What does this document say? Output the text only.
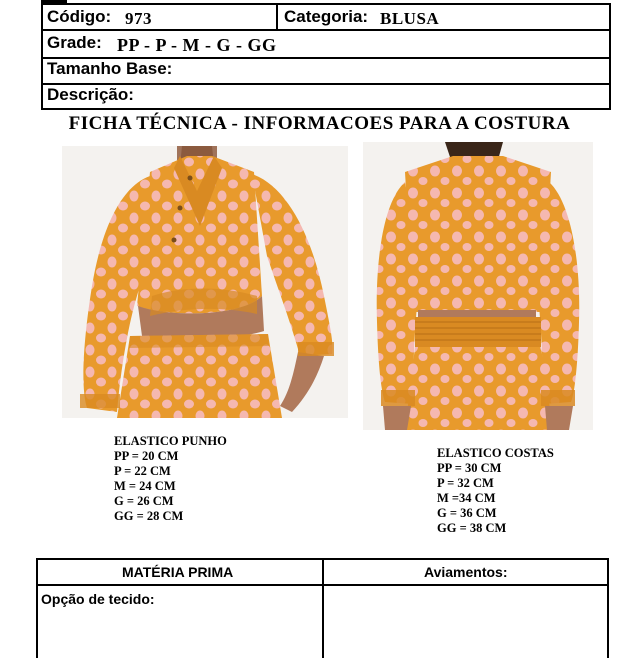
Código: 973	Categoria: BLUSA
Grade: PP - P - M - G - GG
Tamanho Base:
Descrição:
FICHA TÉCNICA - INFORMACOES PARA A COSTURA
ELASTICO PUNHO
PP = 20 CM
P = 22 CM
M = 24 CM
G = 26 CM
GG = 28 CM
ELASTICO COSTAS
PP = 30 CM
P = 32 CM
M =34 CM
G = 36 CM
GG = 38 CM
MATÉRIA PRIMA	Aviamentos:
Opção de tecido:
